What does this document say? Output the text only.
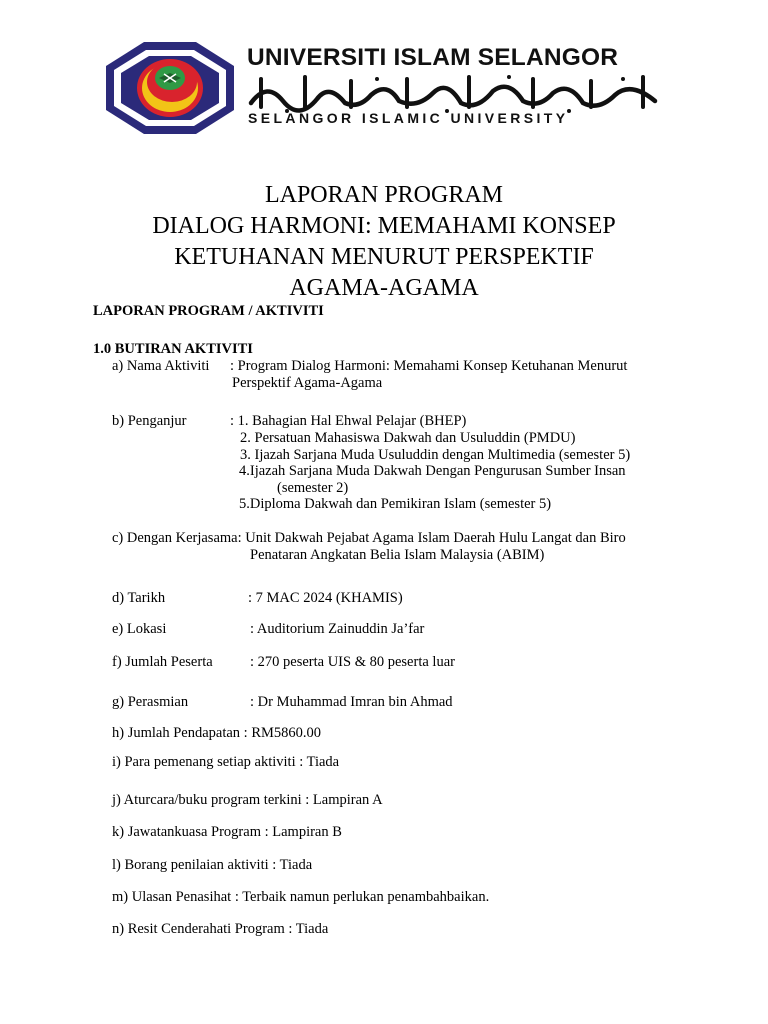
UNIVERSITI ISLAM SELANGOR
SELANGOR ISLAMIC UNIVERSITY
LAPORAN PROGRAM
DIALOG HARMONI: MEMAHAMI KONSEP
KETUHANAN MENURUT PERSPEKTIF
AGAMA-AGAMA
LAPORAN PROGRAM / AKTIVITI
1.0 BUTIRAN AKTIVITI
a) Nama Aktiviti : Program Dialog Harmoni: Memahami Konsep Ketuhanan Menurut
Perspektif Agama-Agama
b) Penganjur	: 1. Bahagian Hal Ehwal Pelajar (BHEP)
2. Persatuan Mahasiswa Dakwah dan Usuluddin (PMDU)
3. Ijazah Sarjana Muda Usuluddin dengan Multimedia (semester 5)
4.Ijazah Sarjana Muda Dakwah Dengan Pengurusan Sumber Insan
(semester 2)
5.Diploma Dakwah dan Pemikiran Islam (semester 5)
c) Dengan Kerjasama: Unit Dakwah Pejabat Agama Islam Daerah Hulu Langat dan Biro
Penataran Angkatan Belia Islam Malaysia (ABIM)
d) Tarikh	: 7 MAC 2024 (KHAMIS)
e) Lokasi	: Auditorium Zainuddin Ja’far
f) Jumlah Peserta	: 270 peserta UIS & 80 peserta luar
g) Perasmian	: Dr Muhammad Imran bin Ahmad
h) Jumlah Pendapatan : RM5860.00
i) Para pemenang setiap aktiviti : Tiada
j) Aturcara/buku program terkini : Lampiran A
k) Jawatankuasa Program : Lampiran B
l) Borang penilaian aktiviti : Tiada
m) Ulasan Penasihat : Terbaik namun perlukan penambahbaikan.
n) Resit Cenderahati Program : Tiada
